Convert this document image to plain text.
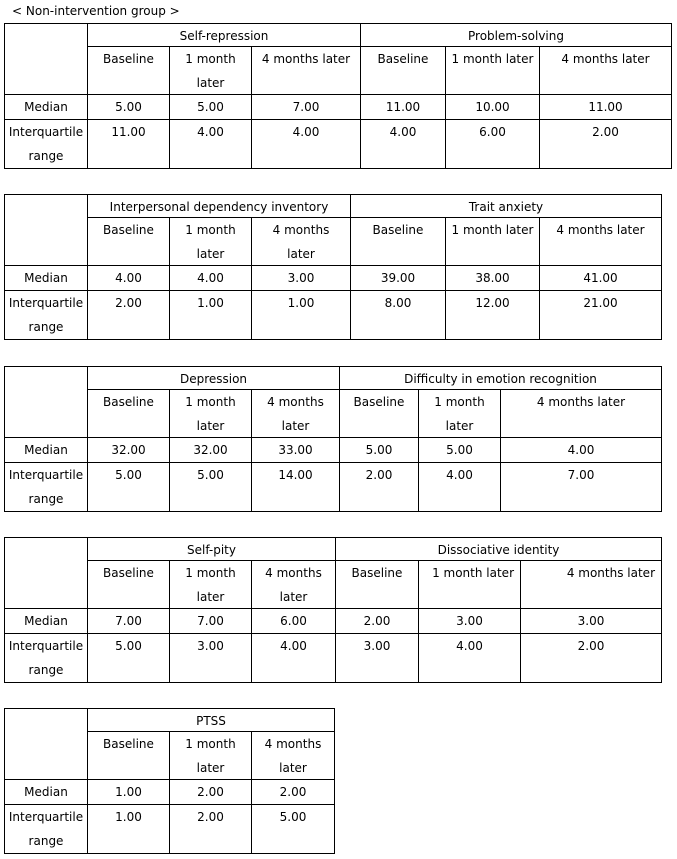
< Non-intervention group >
Median
Interquartile
range
Self-repression
Baseline
5.00
11.00
1 month
later
5.00
4.00
4 months later
7.00
4.00
Problem-solving
Baseline
11.00
4.00
1 month later
10.00
6.00
4 months later
11.00
2.00
Median
Interquartile
range
Interpersonal dependency inventory
Baseline
4.00
2.00
1 month
later
4.00
1.00
4 months
later
3.00
1.00
Trait anxiety
Baseline
39.00
8.00
1 month later
38.00
12.00
4 months later
41.00
21.00
Median
Interquartile
range
Depression
Baseline
32.00
5.00
1 month
later
32.00
5.00
4 months
later
33.00
14.00
Difficulty in emotion recognition
Baseline
5.00
2.00
1 month
later
5.00
4.00
4 months later
4.00
7.00
Median
Interquartile
range
Self-pity
Baseline
7.00
5.00
1 month
later
7.00
3.00
4 months
later
6.00
4.00
Dissociative identity
Baseline
2.00
3.00
1 month later
3.00
4.00
4 months later
3.00
2.00
Median
Interquartile
range
PTSS
Baseline
1.00
1.00
1 month
later
2.00
2.00
4 months
later
2.00
5.00
